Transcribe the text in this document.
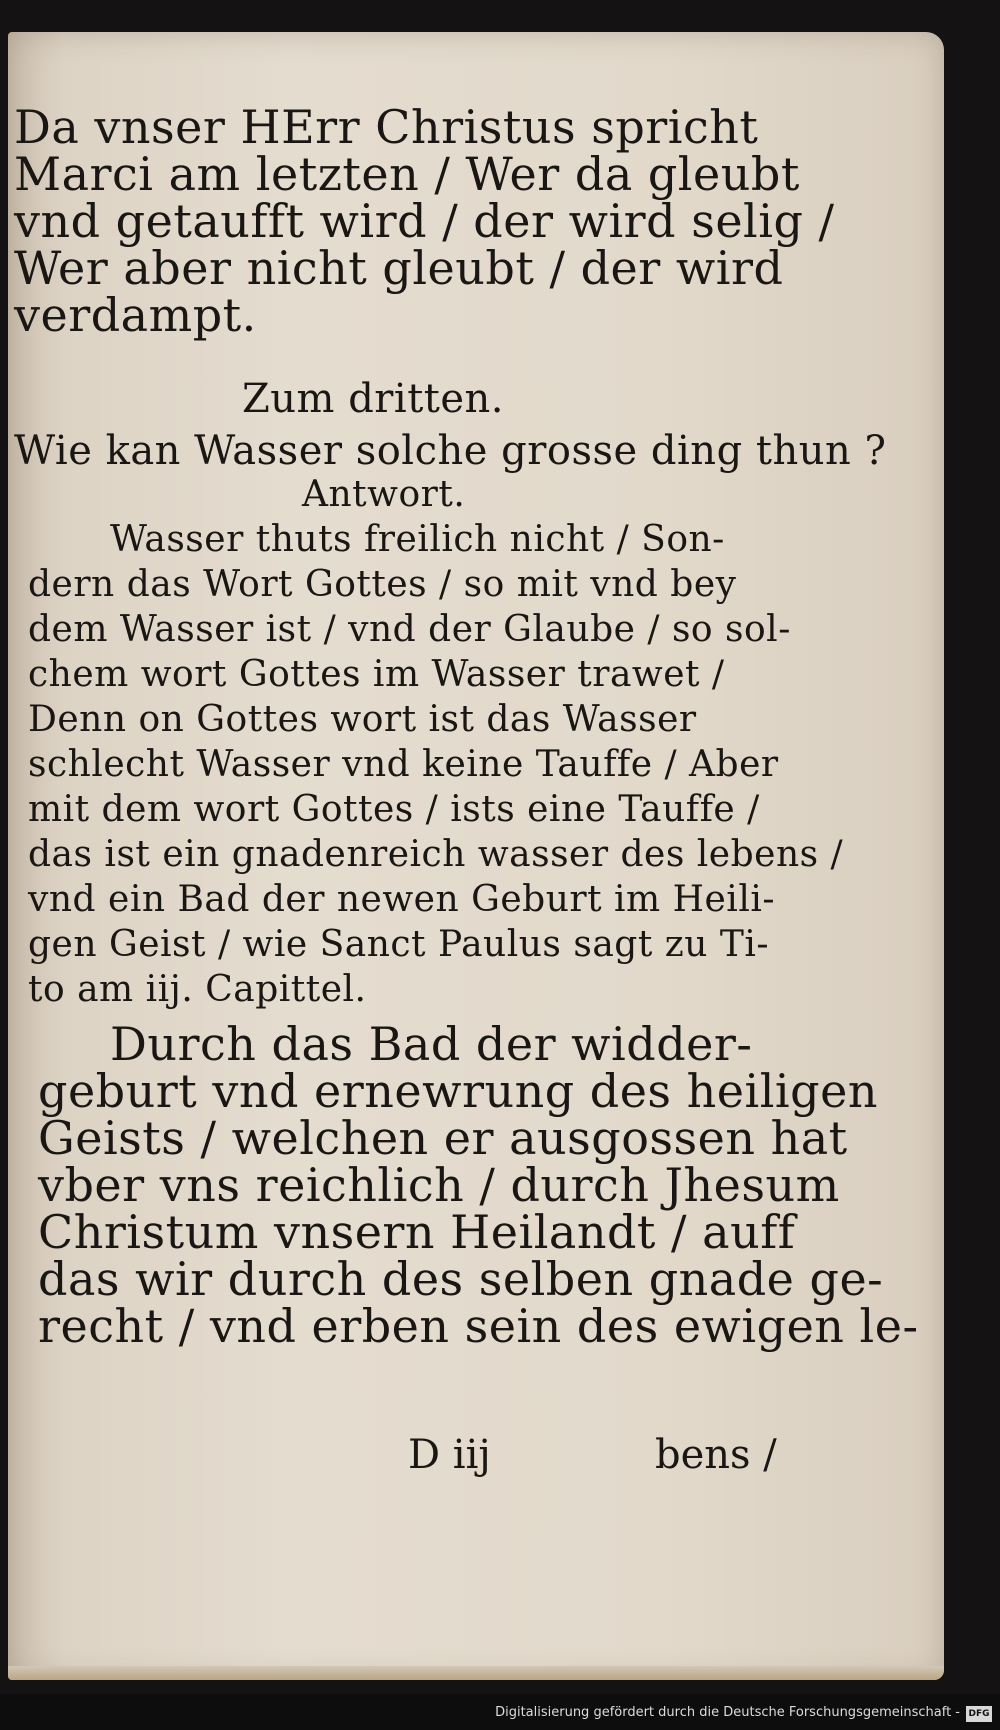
Da vnser HErr Christus spricht
Marci am letzten / Wer da gleubt
vnd getaufft wird / der wird selig /
Wer aber nicht gleubt / der wird
verdampt.
Zum dritten.
Wie kan Wasser solche grosse ding thun ?
Antwort.
Wasser thuts freilich nicht / Son-
dern das Wort Gottes / so mit vnd bey
dem Wasser ist / vnd der Glaube / so sol-
chem wort Gottes im Wasser trawet /
Denn on Gottes wort ist das Wasser
schlecht Wasser vnd keine Tauffe / Aber
mit dem wort Gottes / ists eine Tauffe /
das ist ein gnadenreich wasser des lebens /
vnd ein Bad der newen Geburt im Heili-
gen Geist / wie Sanct Paulus sagt zu Ti-
to am iij. Capittel.
Durch das Bad der widder-
geburt vnd ernewrung des heiligen
Geists / welchen er ausgossen hat
vber vns reichlich / durch Jhesum
Christum vnsern Heilandt / auff
das wir durch des selben gnade ge-
recht / vnd erben sein des ewigen le-
D iij	bens /
Digitalisierung gefördert durch die Deutsche Forschungsgemeinschaft - DFG
